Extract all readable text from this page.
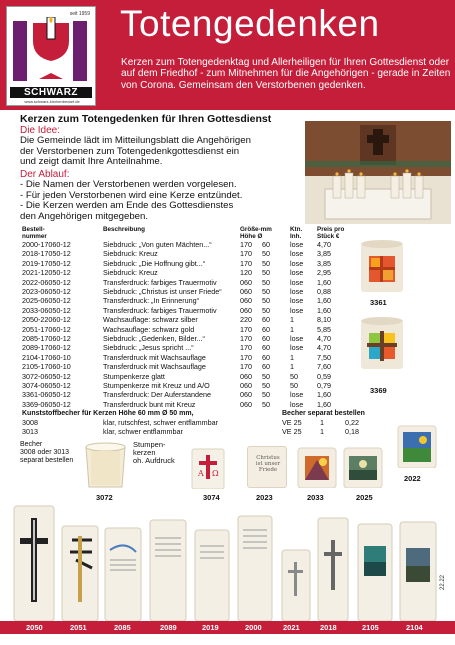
seit 1959
SCHWARZ
www.schwarz-kirchenbedarf.de
Totengedenken
Kerzen zum Totengedenktag und Allerheiligen für Ihren Gottesdienst oder auf dem Friedhof - zum Mitnehmen für die Angehörigen - gerade in Zeiten von Corona. Gemeinsam den Verstorbenen gedenken.
Kerzen zum Totengedenken für Ihren Gottesdienst
Die Idee:
Die Gemeinde lädt im Mitteilungsblatt die Angehörigen
der Verstorbenen zum Totengedenkgottesdienst ein
und zeigt damit Ihre Anteilnahme.
Der Ablauf:
- Die Namen der Verstorbenen werden vorgelesen.
- Für jeden Verstorbenen wird eine Kerze entzündet.
- Die Kerzen werden am Ende des Gottesdienstes
den Angehörigen mitgegeben.
Bestell-
nummer
Beschreibung	Größe-mm
Höhe Ø
Ktn.
Inh.
Preis pro
Stück €
2000-17060-12	Siebdruck: „Von guten Mächten...“	170 60	lose 4,70
2018-17050-12	Siebdruck: Kreuz	170 50	lose 3,85
2019-17050-12	Siebdruck: „Die Hoffnung gibt...“	170 50	lose 3,85
2021-12050-12	Siebdruck: Kreuz	120 50	lose 2,95
2022-06050-12	Transferdruck: farbiges Trauermotiv	060 50	lose 1,60
2023-06050-12	Siebdruck: „Christus ist unser Friede“	060 50	lose 0,88
2025-06050-12	Transferdruck: „In Erinnerung“	060 50	lose 1,60
2033-06050-12	Transferdruck: farbiges Trauermotiv	060 50	lose 1,60
2050-22060-12	Wachsauflage: schwarz silber	220 60	1	8,10
2051-17060-12	Wachsauflage: schwarz gold	170 60	1	5,85
2085-17060-12	Siebdruck: „Gedenken, Bilder...“	170 60	lose 4,70
2089-17060-12	Siebdruck: „Jesus spricht ...“	170 60	lose 4,70
2104-17060-10	Transferdruck mit Wachsauflage	170 60	1	7,50
2105-17060-10	Transferdruck mit Wachsauflage	170 60	1	7,60
3072-06050-12	Stumpenkerze glatt	060 50	50	0,59
3074-06050-12	Stumpenkerze mit Kreuz und A/O	060 50	50	0,79
3361-06050-12	Transferdruck: Der Auferstandene	060 50	lose 1,60
3369-06050-12	Transferdruck bunt mit Kreuz	060 50	lose 1,60
Kunststoffbecher für Kerzen Höhe 60 mm Ø 50 mm,	Becher separat bestellen
3008	klar, rutschfest, schwer entflammbar	VE 25	1	0,22
3013	klar, schwer entflammbar	VE 25	1	0,18
3361
3369
Becher
3008 oder 3013
separat bestellen
Stumpen-
kerzen
oh. Aufdruck
3072
A Ω
3074
Christus
ist unser
Friede
2023	2033	2025
2022
2050	2051	2085	2089	2019	2000	2021	2018	2105	2104
22.22
